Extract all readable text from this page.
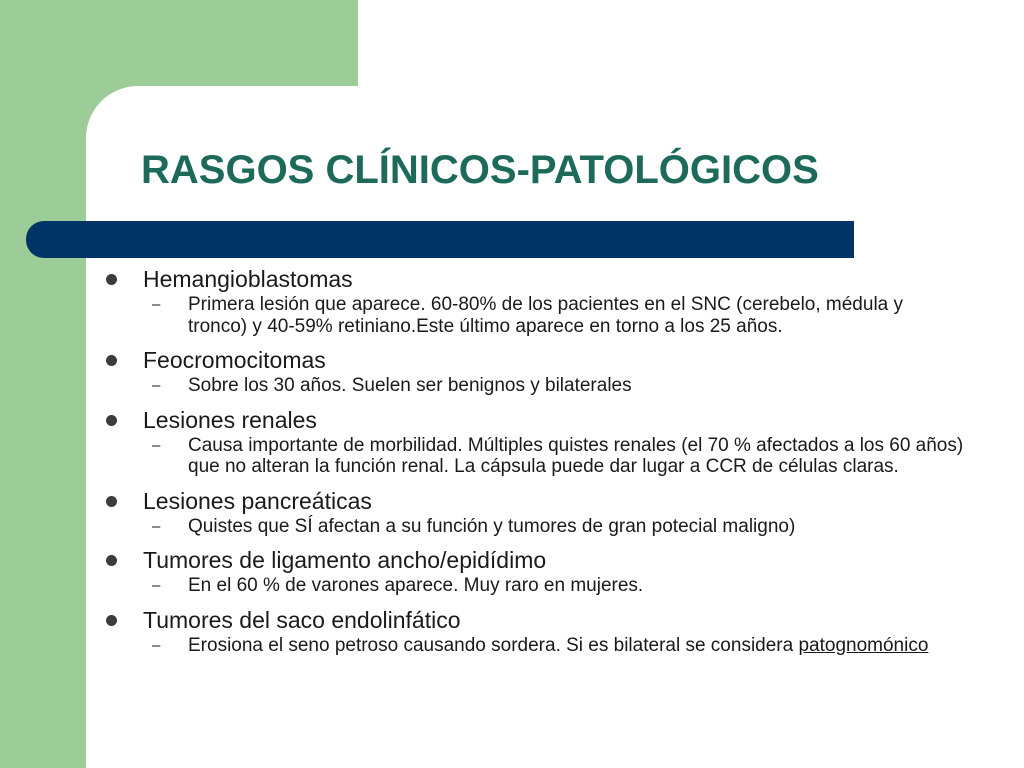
RASGOS CLÍNICOS-PATOLÓGICOS
Hemangioblastomas
– Primera lesión que aparece. 60-80% de los pacientes en el SNC (cerebelo, médula y tronco) y 40-59% retiniano.Este último aparece en torno a los 25 años.
Feocromocitomas
– Sobre los 30 años. Suelen ser benignos y bilaterales
Lesiones renales
– Causa importante de morbilidad. Múltiples quistes renales (el 70 % afectados a los 60 años) que no alteran la función renal. La cápsula puede dar lugar a CCR de células claras.
Lesiones pancreáticas
– Quistes que SÍ afectan a su función y tumores de gran potecial maligno)
Tumores de ligamento ancho/epidídimo
– En el 60 % de varones aparece. Muy raro en mujeres.
Tumores del saco endolinfático
– Erosiona el seno petroso causando sordera. Si es bilateral se considera patognomónico
